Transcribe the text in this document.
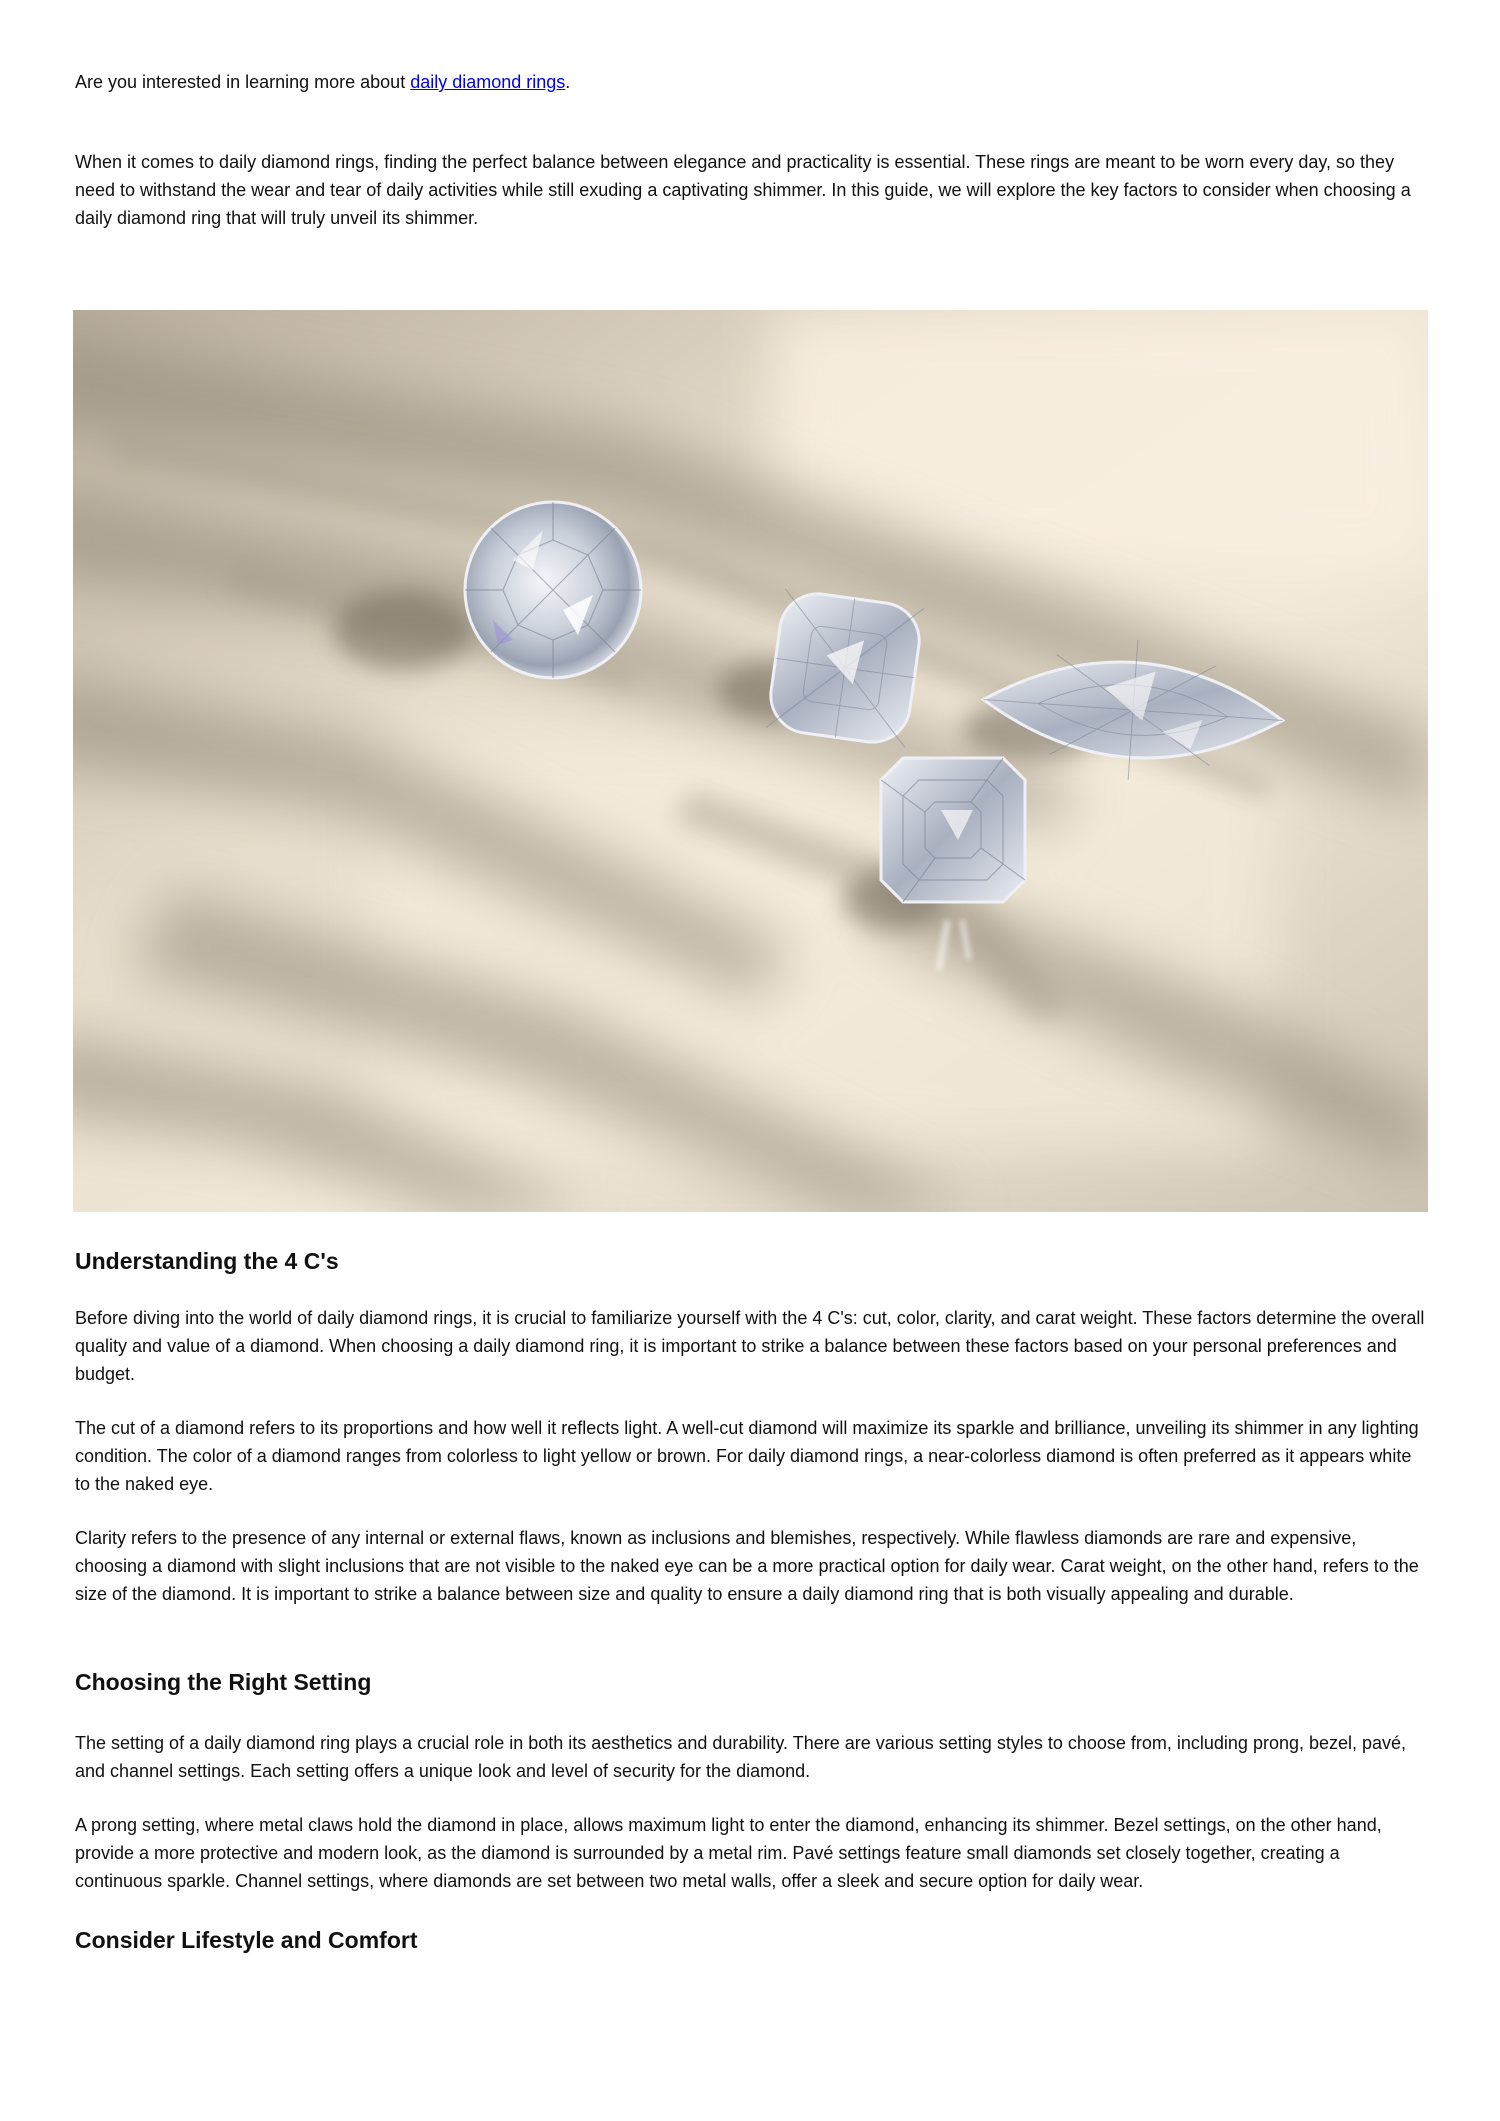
Are you interested in learning more about daily diamond rings.

When it comes to daily diamond rings, finding the perfect balance between elegance and practicality is essential. These rings are meant to be worn every day, so they need to withstand the wear and tear of daily activities while still exuding a captivating shimmer. In this guide, we will explore the key factors to consider when choosing a daily diamond ring that will truly unveil its shimmer.

Understanding the 4 C's

Before diving into the world of daily diamond rings, it is crucial to familiarize yourself with the 4 C's: cut, color, clarity, and carat weight. These factors determine the overall quality and value of a diamond. When choosing a daily diamond ring, it is important to strike a balance between these factors based on your personal preferences and budget.

The cut of a diamond refers to its proportions and how well it reflects light. A well-cut diamond will maximize its sparkle and brilliance, unveiling its shimmer in any lighting condition. The color of a diamond ranges from colorless to light yellow or brown. For daily diamond rings, a near-colorless diamond is often preferred as it appears white to the naked eye.

Clarity refers to the presence of any internal or external flaws, known as inclusions and blemishes, respectively. While flawless diamonds are rare and expensive, choosing a diamond with slight inclusions that are not visible to the naked eye can be a more practical option for daily wear. Carat weight, on the other hand, refers to the size of the diamond. It is important to strike a balance between size and quality to ensure a daily diamond ring that is both visually appealing and durable.

Choosing the Right Setting

The setting of a daily diamond ring plays a crucial role in both its aesthetics and durability. There are various setting styles to choose from, including prong, bezel, pavé, and channel settings. Each setting offers a unique look and level of security for the diamond.

A prong setting, where metal claws hold the diamond in place, allows maximum light to enter the diamond, enhancing its shimmer. Bezel settings, on the other hand, provide a more protective and modern look, as the diamond is surrounded by a metal rim. Pavé settings feature small diamonds set closely together, creating a continuous sparkle. Channel settings, where diamonds are set between two metal walls, offer a sleek and secure option for daily wear.

Consider Lifestyle and Comfort
